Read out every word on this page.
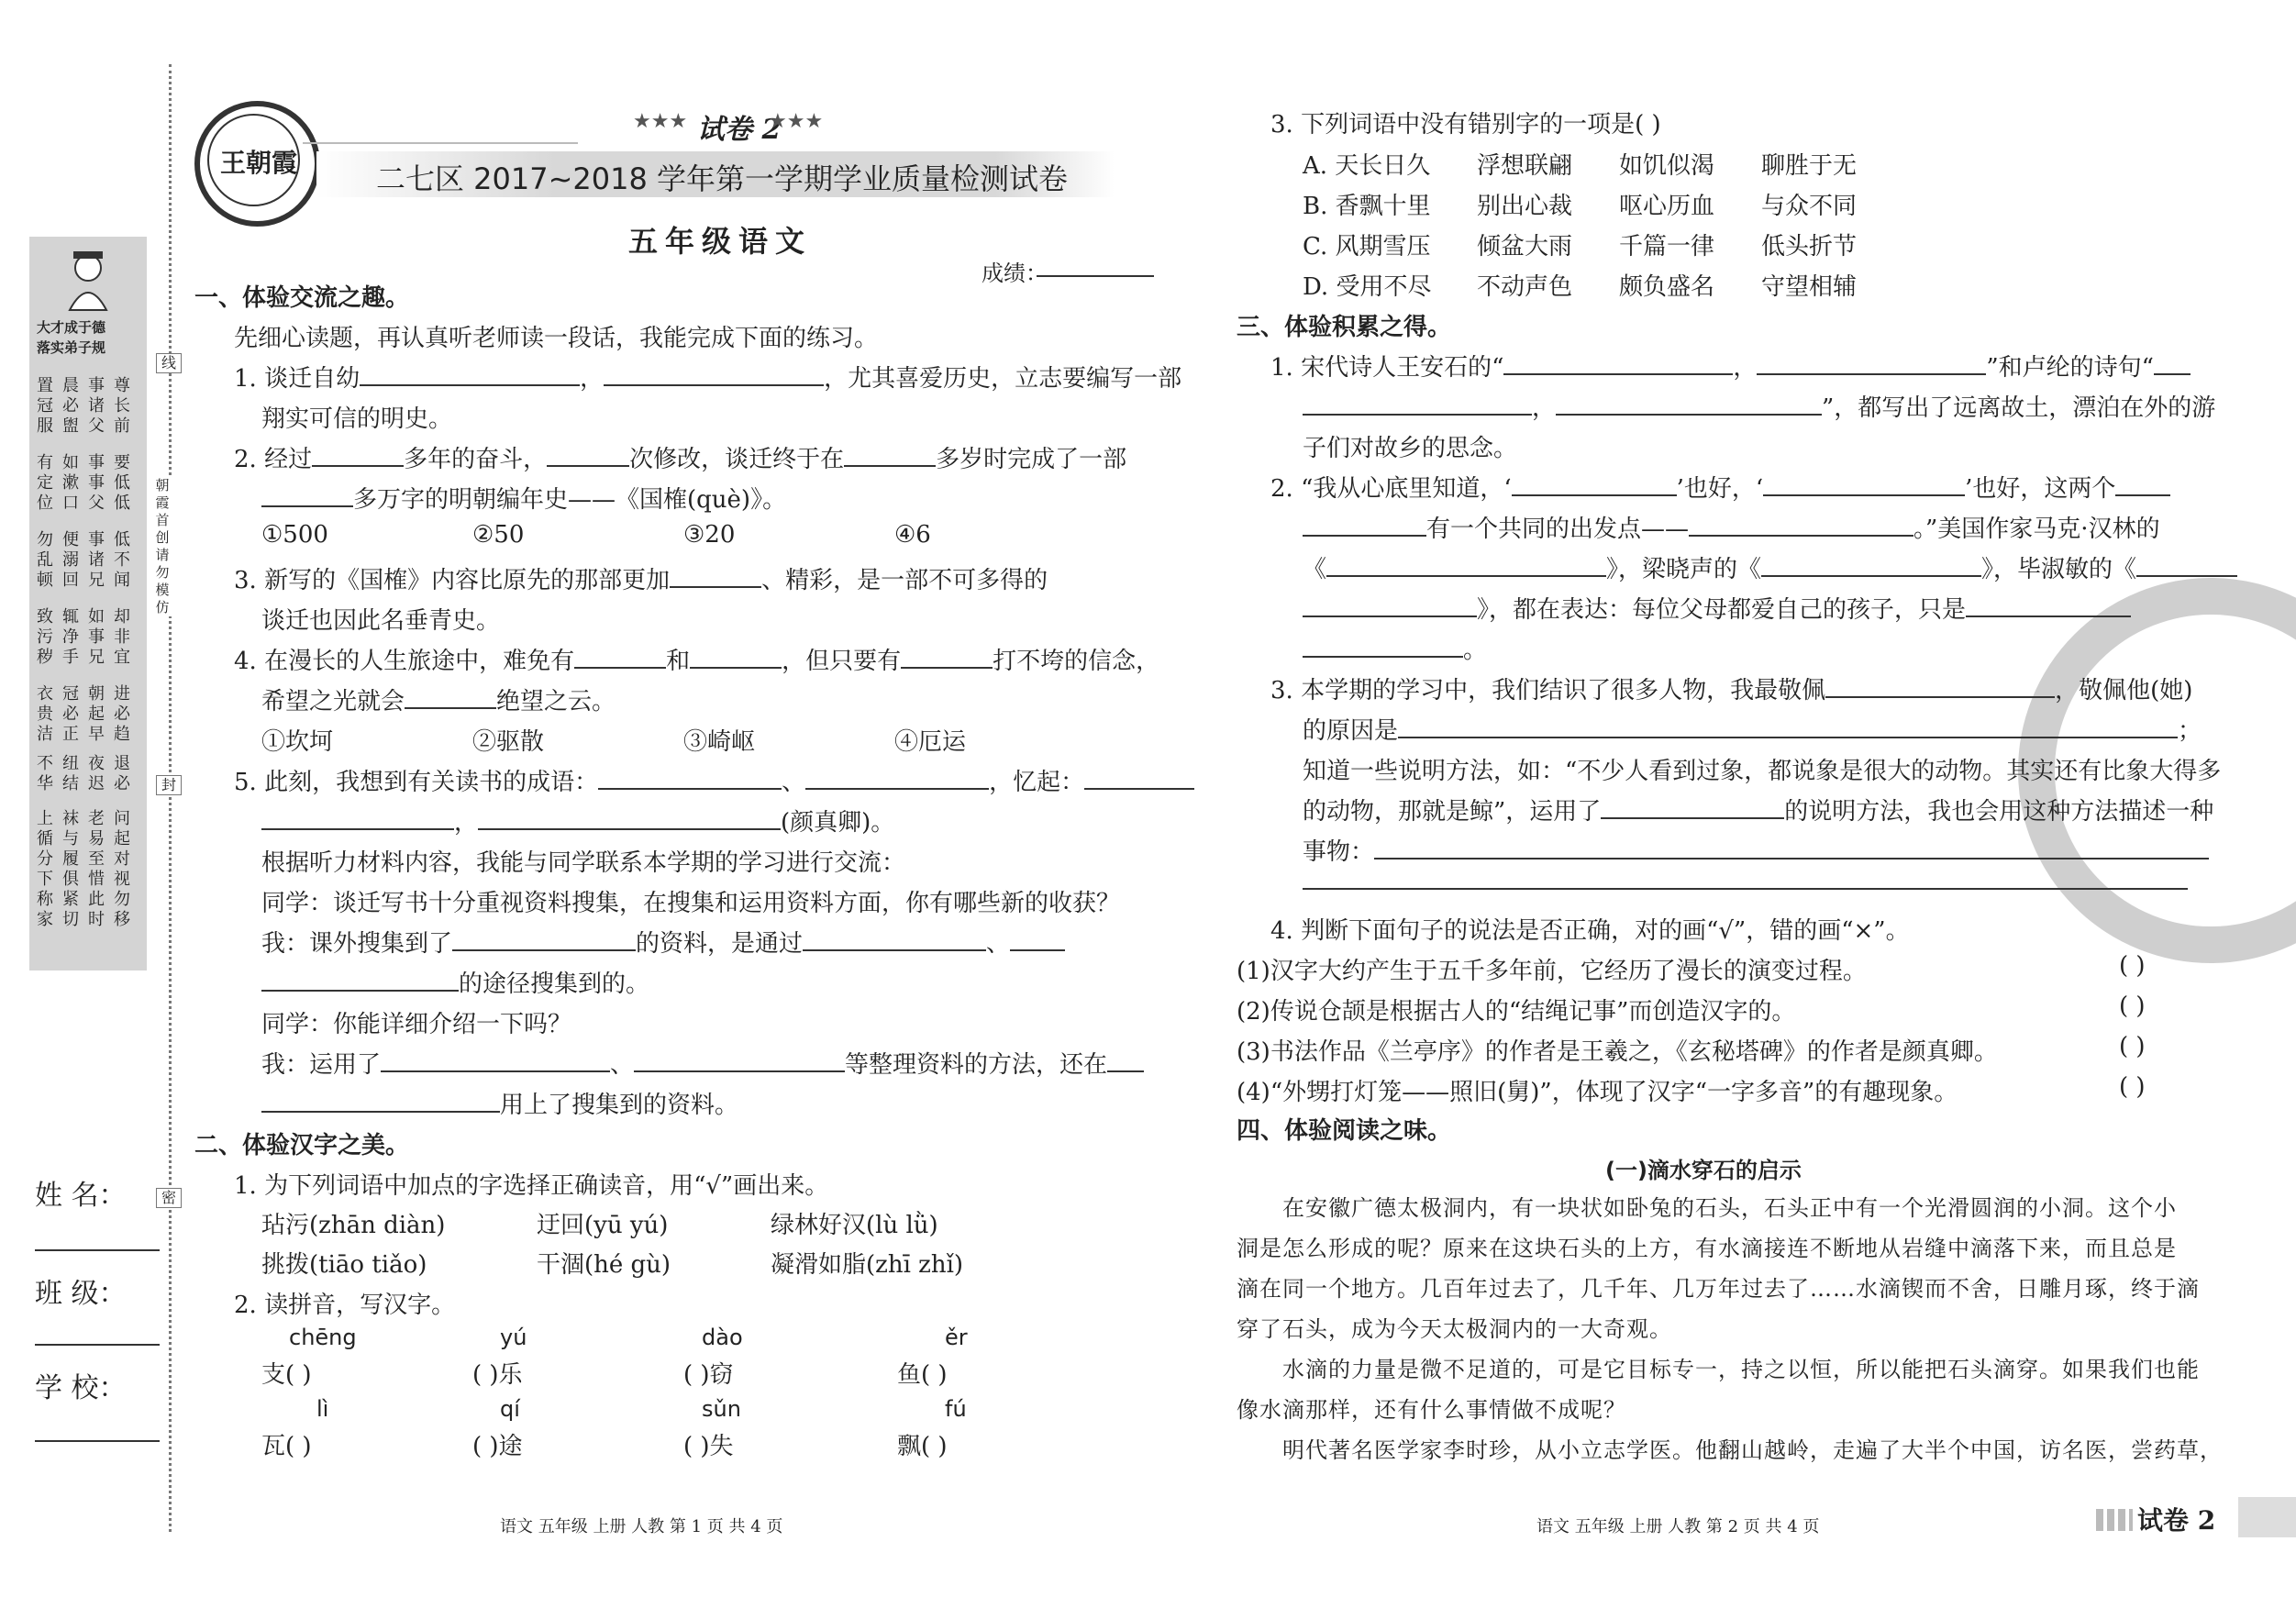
大才成于德
落实弟子规
置晨事尊
冠必诸长
服盥父前
有如事要
定漱事低
位口父低
勿便事低
乱溺诸不
顿回兄闻
致辄如却
污净事非
秽手兄宜
衣冠朝进
贵必起必
洁正早趋
不纽夜退
华结迟必
上袜老问
循与易起
分履至对
下俱惜视
称紧此勿
家切时移
线
朝霞首创 请勿模仿
封
密
姓 名：
班 级：
学 校：
王朝霞
★★★ 试卷 2
★★★
二七区 2017~2018 学年第一学期学业质量检测试卷
五年级语文
成绩：
一、体验交流之趣。
先细心读题，再认真听老师读一段话，我能完成下面的练习。
1. 谈迁自幼	，	，尤其喜爱历史，立志要编写一部
翔实可信的明史。
2. 经过	多年的奋斗，	次修改，谈迁终于在	多岁时完成了一部
多万字的明朝编年史——《国榷(què)》。
①500	②50	③20	④6
3. 新写的《国榷》内容比原先的那部更加	、精彩，是一部不可多得的
谈迁也因此名垂青史。
4. 在漫长的人生旅途中，难免有	和	，但只要有	打不垮的信念，
希望之光就会	绝望之云。
①坎坷	②驱散	③崎岖	④厄运
5. 此刻，我想到有关读书的成语：	、	，忆起：
，	(颜真卿)。
根据听力材料内容，我能与同学联系本学期的学习进行交流：
同学：谈迁写书十分重视资料搜集，在搜集和运用资料方面，你有哪些新的收获？
我：课外搜集到了	的资料，是通过	、
的途径搜集到的。
同学：你能详细介绍一下吗？
我：运用了	、	等整理资料的方法，还在
用上了搜集到的资料。
二、体验汉字之美。
1. 为下列词语中加点的字选择正确读音，用“√”画出来。
玷污(zhān diàn)	迂回(yū yú)	绿林好汉(lù lǜ)
挑拨(tiāo tiǎo)	干涸(hé gù)	凝滑如脂(zhī zhǐ)
2. 读拼音，写汉字。
chēng	yú	dào	ěr
支( )	( )乐	( )窃	鱼( )
lì	qí	sǔn	fú
瓦( )	( )途	( )失	飘( )
语文 五年级 上册 人教 第 1 页 共 4 页
3. 下列词语中没有错别字的一项是( )
A. 天长日久 浮想联翩 如饥似渴 聊胜于无
B. 香飘十里 别出心裁 呕心历血 与众不同
C. 风期雪压 倾盆大雨 千篇一律 低头折节
D. 受用不尽 不动声色 颇负盛名 守望相辅
三、体验积累之得。
1. 宋代诗人王安石的“	，	”和卢纶的诗句“
，	”，都写出了远离故土，漂泊在外的游
子们对故乡的思念。
2. “我从心底里知道，‘	’也好，‘	’也好，这两个
有一个共同的出发点——	。”美国作家马克·汉林的
《	》，梁晓声的《	》，毕淑敏的《
》，都在表达：每位父母都爱自己的孩子，只是
。
3. 本学期的学习中，我们结识了很多人物，我最敬佩	，敬佩他(她)
的原因是	；
知道一些说明方法，如：“不少人看到过象，都说象是很大的动物。其实还有比象大得多
的动物，那就是鲸”，运用了	的说明方法，我也会用这种方法描述一种
事物：
4. 判断下面句子的说法是否正确，对的画“√”，错的画“×”。
(1)汉字大约产生于五千多年前，它经历了漫长的演变过程。	( )
(2)传说仓颉是根据古人的“结绳记事”而创造汉字的。	( )
(3)书法作品《兰亭序》的作者是王羲之，《玄秘塔碑》的作者是颜真卿。	( )
(4)“外甥打灯笼——照旧(舅)”，体现了汉字“一字多音”的有趣现象。	( )
四、体验阅读之味。
(一)滴水穿石的启示
在安徽广德太极洞内，有一块状如卧兔的石头，石头正中有一个光滑圆润的小洞。这个小
洞是怎么形成的呢？原来在这块石头的上方，有水滴接连不断地从岩缝中滴落下来，而且总是
滴在同一个地方。几百年过去了，几千年、几万年过去了……水滴锲而不舍，日雕月琢，终于滴
穿了石头，成为今天太极洞内的一大奇观。
水滴的力量是微不足道的，可是它目标专一，持之以恒，所以能把石头滴穿。如果我们也能
像水滴那样，还有什么事情做不成呢？
明代著名医学家李时珍，从小立志学医。他翻山越岭，走遍了大半个中国，访名医，尝药草，
语文 五年级 上册 人教 第 2 页 共 4 页	试卷 2
